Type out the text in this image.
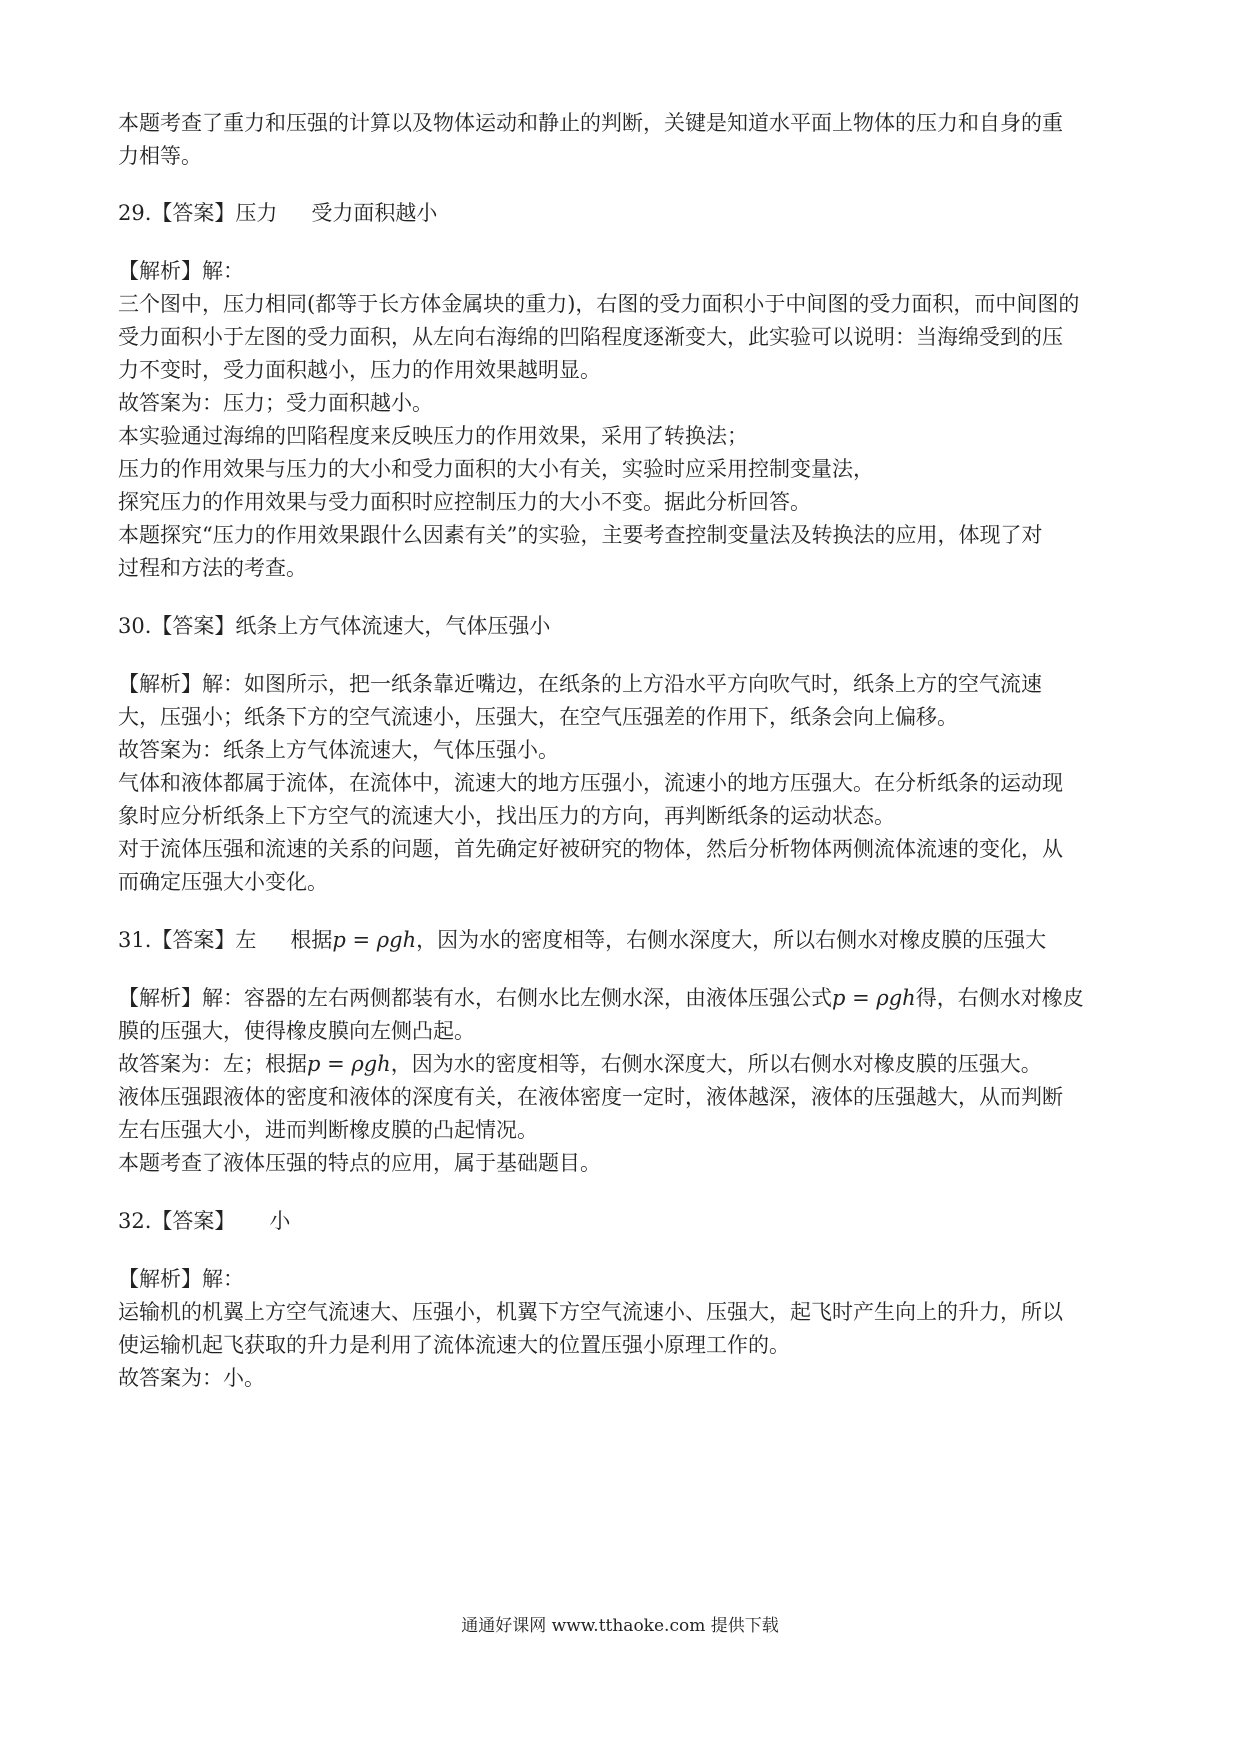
本题考查了重力和压强的计算以及物体运动和静止的判断，关键是知道水平面上物体的压力和自身的重
力相等。
29.【答案】压力 受力面积越小
【解析】解：
三个图中，压力相同(都等于长方体金属块的重力)，右图的受力面积小于中间图的受力面积，而中间图的
受力面积小于左图的受力面积，从左向右海绵的凹陷程度逐渐变大，此实验可以说明：当海绵受到的压
力不变时，受力面积越小，压力的作用效果越明显。
故答案为：压力；受力面积越小。
本实验通过海绵的凹陷程度来反映压力的作用效果，采用了转换法；
压力的作用效果与压力的大小和受力面积的大小有关，实验时应采用控制变量法，
探究压力的作用效果与受力面积时应控制压力的大小不变。据此分析回答。
本题探究“压力的作用效果跟什么因素有关”的实验，主要考查控制变量法及转换法的应用，体现了对
过程和方法的考查。
30.【答案】纸条上方气体流速大，气体压强小
【解析】解：如图所示，把一纸条靠近嘴边，在纸条的上方沿水平方向吹气时，纸条上方的空气流速
大，压强小；纸条下方的空气流速小，压强大，在空气压强差的作用下，纸条会向上偏移。
故答案为：纸条上方气体流速大，气体压强小。
气体和液体都属于流体，在流体中，流速大的地方压强小，流速小的地方压强大。在分析纸条的运动现
象时应分析纸条上下方空气的流速大小，找出压力的方向，再判断纸条的运动状态。
对于流体压强和流速的关系的问题，首先确定好被研究的物体，然后分析物体两侧流体流速的变化，从
而确定压强大小变化。
31.【答案】左 根据p = ρgh，因为水的密度相等，右侧水深度大，所以右侧水对橡皮膜的压强大
【解析】解：容器的左右两侧都装有水，右侧水比左侧水深，由液体压强公式p = ρgh得，右侧水对橡皮
膜的压强大，使得橡皮膜向左侧凸起。
故答案为：左；根据p = ρgh，因为水的密度相等，右侧水深度大，所以右侧水对橡皮膜的压强大。
液体压强跟液体的密度和液体的深度有关，在液体密度一定时，液体越深，液体的压强越大，从而判断
左右压强大小，进而判断橡皮膜的凸起情况。
本题考查了液体压强的特点的应用，属于基础题目。
32.【答案】 小
【解析】解：
运输机的机翼上方空气流速大、压强小，机翼下方空气流速小、压强大，起飞时产生向上的升力，所以
使运输机起飞获取的升力是利用了流体流速大的位置压强小原理工作的。
故答案为：小。
通通好课网 www.tthaoke.com 提供下载
